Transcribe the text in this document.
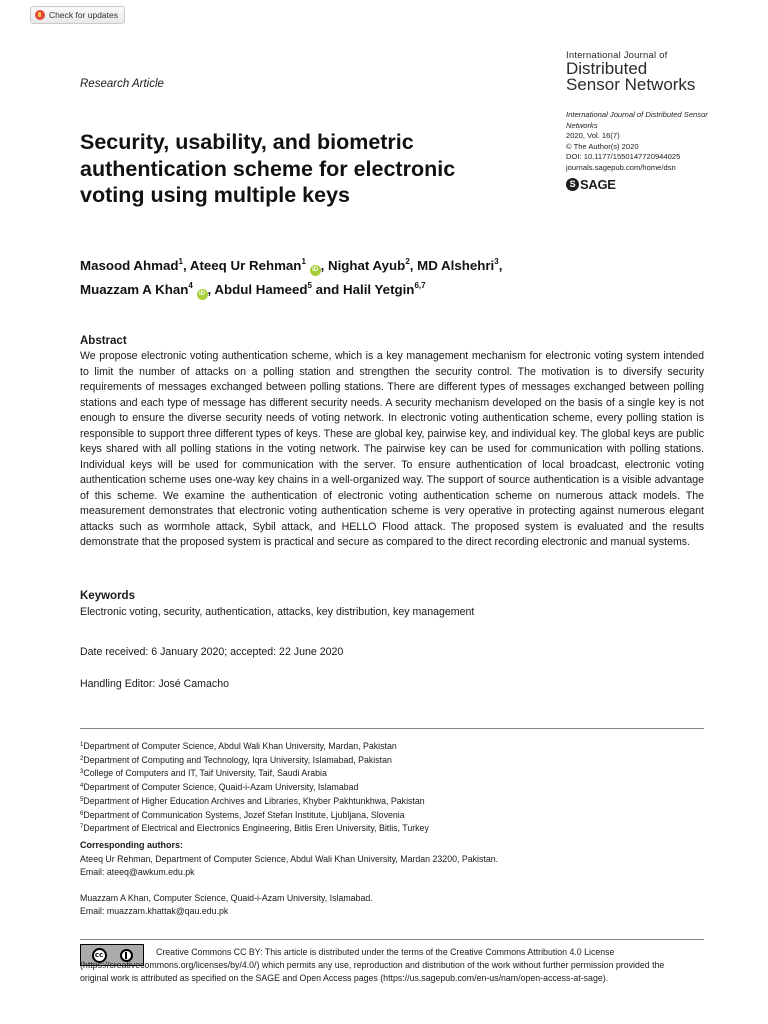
Check for updates
International Journal of
Distributed
Sensor Networks
Research Article
International Journal of Distributed Sensor Networks
2020, Vol. 16(7)
© The Author(s) 2020
DOI: 10.1177/1550147720944025
journals.sagepub.com/home/dsn
S SAGE
Security, usability, and biometric authentication scheme for electronic voting using multiple keys
Masood Ahmad$^1$, Ateeq Ur Rehman$^1$ iD , Nighat Ayub$^2$, MD Alshehri$^3$,
Muazzam A Khan$^4$ iD , Abdul Hameed$^5$ and Halil Yetgin$^{6,7}$
Abstract

We propose electronic voting authentication scheme, which is a key management mechanism for electronic voting system intended to limit the number of attacks on a polling station and strengthen the security control. The motivation is to diversify security requirements of messages exchanged between polling stations. There are different types of messages exchanged between polling stations and each type of message has different security needs. A security mechanism developed on the basis of a single key is not enough to ensure the diverse security needs of voting network. In electronic voting authentication scheme, every polling station is responsible to support three different types of keys. These are global key, pairwise key, and individual key. The global keys are public keys shared with all polling stations in the voting network. The pairwise key can be used for communication with polling stations. Individual keys will be used for communication with the server. To ensure authentication of local broadcast, electronic voting authentication scheme uses one-way key chains in a well-organized way. The support of source authentication is a visible advantage of this scheme. We examine the authentication of electronic voting authentication scheme on numerous attack models. The measurement demonstrates that electronic voting authentication scheme is very operative in protecting against numerous elegant attacks such as wormhole attack, Sybil attack, and HELLO Flood attack. The proposed system is evaluated and the results demonstrate that the proposed system is practical and secure as compared to the direct recording electronic and manual systems.

Keywords
Electronic voting, security, authentication, attacks, key distribution, key management
Date received: 6 January 2020; accepted: 22 June 2020
Handling Editor: José Camacho
$^1$Department of Computer Science, Abdul Wali Khan University, Mardan, Pakistan
$^2$Department of Computing and Technology, Iqra University, Islamabad, Pakistan
$^3$College of Computers and IT, Taif University, Taif, Saudi Arabia
$^4$Department of Computer Science, Quaid-i-Azam University, Islamabad
$^5$Department of Higher Education Archives and Libraries, Khyber Pakhtunkhwa, Pakistan
$^6$Department of Communication Systems, Jozef Stefan Institute, Ljubljana, Slovenia
$^7$Department of Electrical and Electronics Engineering, Bitlis Eren University, Bitlis, Turkey
Corresponding authors:
Ateeq Ur Rehman, Department of Computer Science, Abdul Wali Khan University, Mardan 23200, Pakistan.
Email: ateeq@awkum.edu.pk
Muazzam A Khan, Computer Science, Quaid-i-Azam University, Islamabad.
Email: muazzam.khattak@qau.edu.pk
cc	Creative Commons CC BY: This article is distributed under the terms of the Creative Commons Attribution 4.0 License (https://creativecommons.org/licenses/by/4.0/) which permits any use, reproduction and distribution of the work without further permission provided the original work is attributed as specified on the SAGE and Open Access pages (https://us.sagepub.com/en-us/nam/open-access-at-sage).
